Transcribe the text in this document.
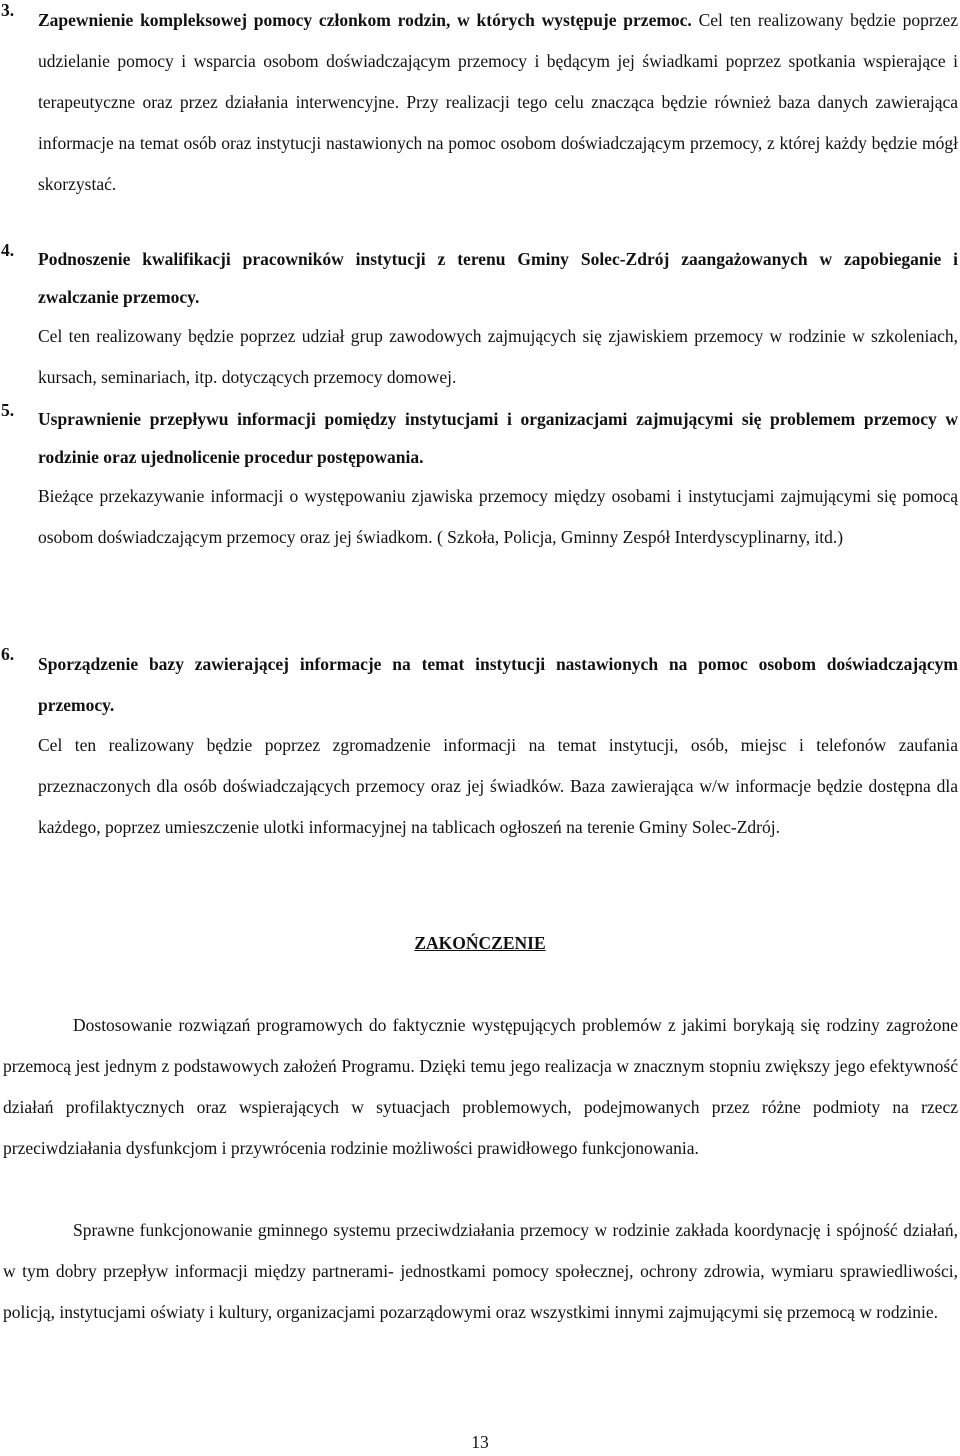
3. Zapewnienie kompleksowej pomocy członkom rodzin, w których występuje przemoc. Cel ten realizowany będzie poprzez udzielanie pomocy i wsparcia osobom doświadczającym przemocy i będącym jej świadkami poprzez spotkania wspierające i terapeutyczne oraz przez działania interwencyjne. Przy realizacji tego celu znacząca będzie również baza danych zawierająca informacje na temat osób oraz instytucji nastawionych na pomoc osobom doświadczającym przemocy, z której każdy będzie mógł skorzystać.

4. Podnoszenie kwalifikacji pracowników instytucji z terenu Gminy Solec-Zdrój zaangażowanych w zapobieganie i zwalczanie przemocy.

Cel ten realizowany będzie poprzez udział grup zawodowych zajmujących się zjawiskiem przemocy w rodzinie w szkoleniach, kursach, seminariach, itp. dotyczących przemocy domowej.

5. Usprawnienie przepływu informacji pomiędzy instytucjami i organizacjami zajmującymi się problemem przemocy w rodzinie oraz ujednolicenie procedur postępowania.

Bieżące przekazywanie informacji o występowaniu zjawiska przemocy między osobami i instytucjami zajmującymi się pomocą osobom doświadczającym przemocy oraz jej świadkom. ( Szkoła, Policja, Gminny Zespół Interdyscyplinarny, itd.)

6. Sporządzenie bazy zawierającej informacje na temat instytucji nastawionych na pomoc osobom doświadczającym przemocy.

Cel ten realizowany będzie poprzez zgromadzenie informacji na temat instytucji, osób, miejsc i telefonów zaufania przeznaczonych dla osób doświadczających przemocy oraz jej świadków. Baza zawierająca w/w informacje będzie dostępna dla każdego, poprzez umieszczenie ulotki informacyjnej na tablicach ogłoszeń na terenie Gminy Solec-Zdrój.

ZAKOŃCZENIE

Dostosowanie rozwiązań programowych do faktycznie występujących problemów z jakimi borykają się rodziny zagrożone przemocą jest jednym z podstawowych założeń Programu. Dzięki temu jego realizacja w znacznym stopniu zwiększy jego efektywność działań profilaktycznych oraz wspierających w sytuacjach problemowych, podejmowanych przez różne podmioty na rzecz przeciwdziałania dysfunkcjom i przywrócenia rodzinie możliwości prawidłowego funkcjonowania.

Sprawne funkcjonowanie gminnego systemu przeciwdziałania przemocy w rodzinie zakłada koordynację i spójność działań, w tym dobry przepływ informacji między partnerami- jednostkami pomocy społecznej, ochrony zdrowia, wymiaru sprawiedliwości, policją, instytucjami oświaty i kultury, organizacjami pozarządowymi oraz wszystkimi innymi zajmującymi się przemocą w rodzinie.

13
